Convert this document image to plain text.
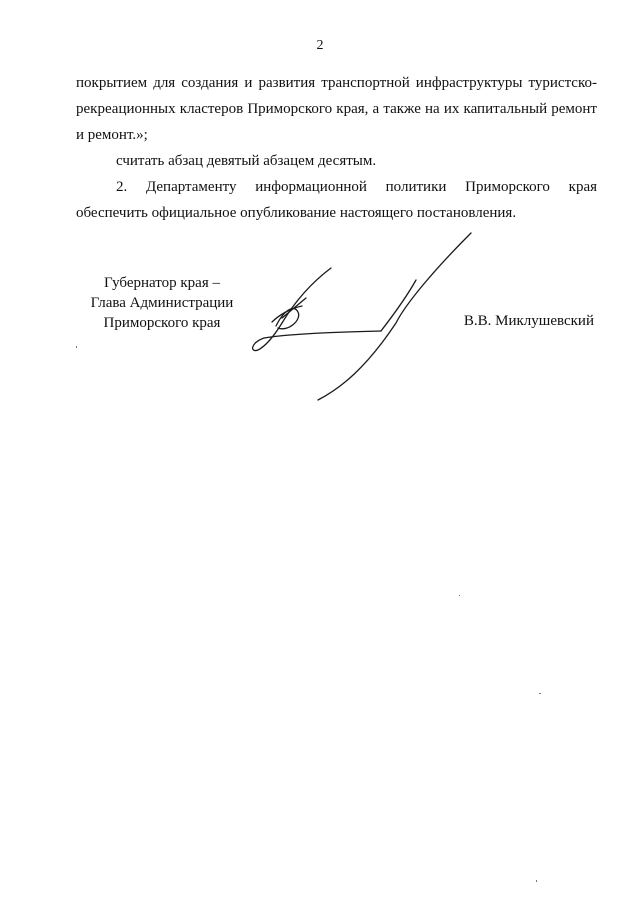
2

покрытием для создания и развития транспортной инфраструктуры туристско-рекреационных кластеров Приморского края, а также на их капитальный ремонт и ремонт.»;

считать абзац девятый абзацем десятым.

2. Департаменту информационной политики Приморского края обеспечить официальное опубликование настоящего постановления.

Губернатор края –
Глава Администрации
Приморского края	В.В. Миклушевский
